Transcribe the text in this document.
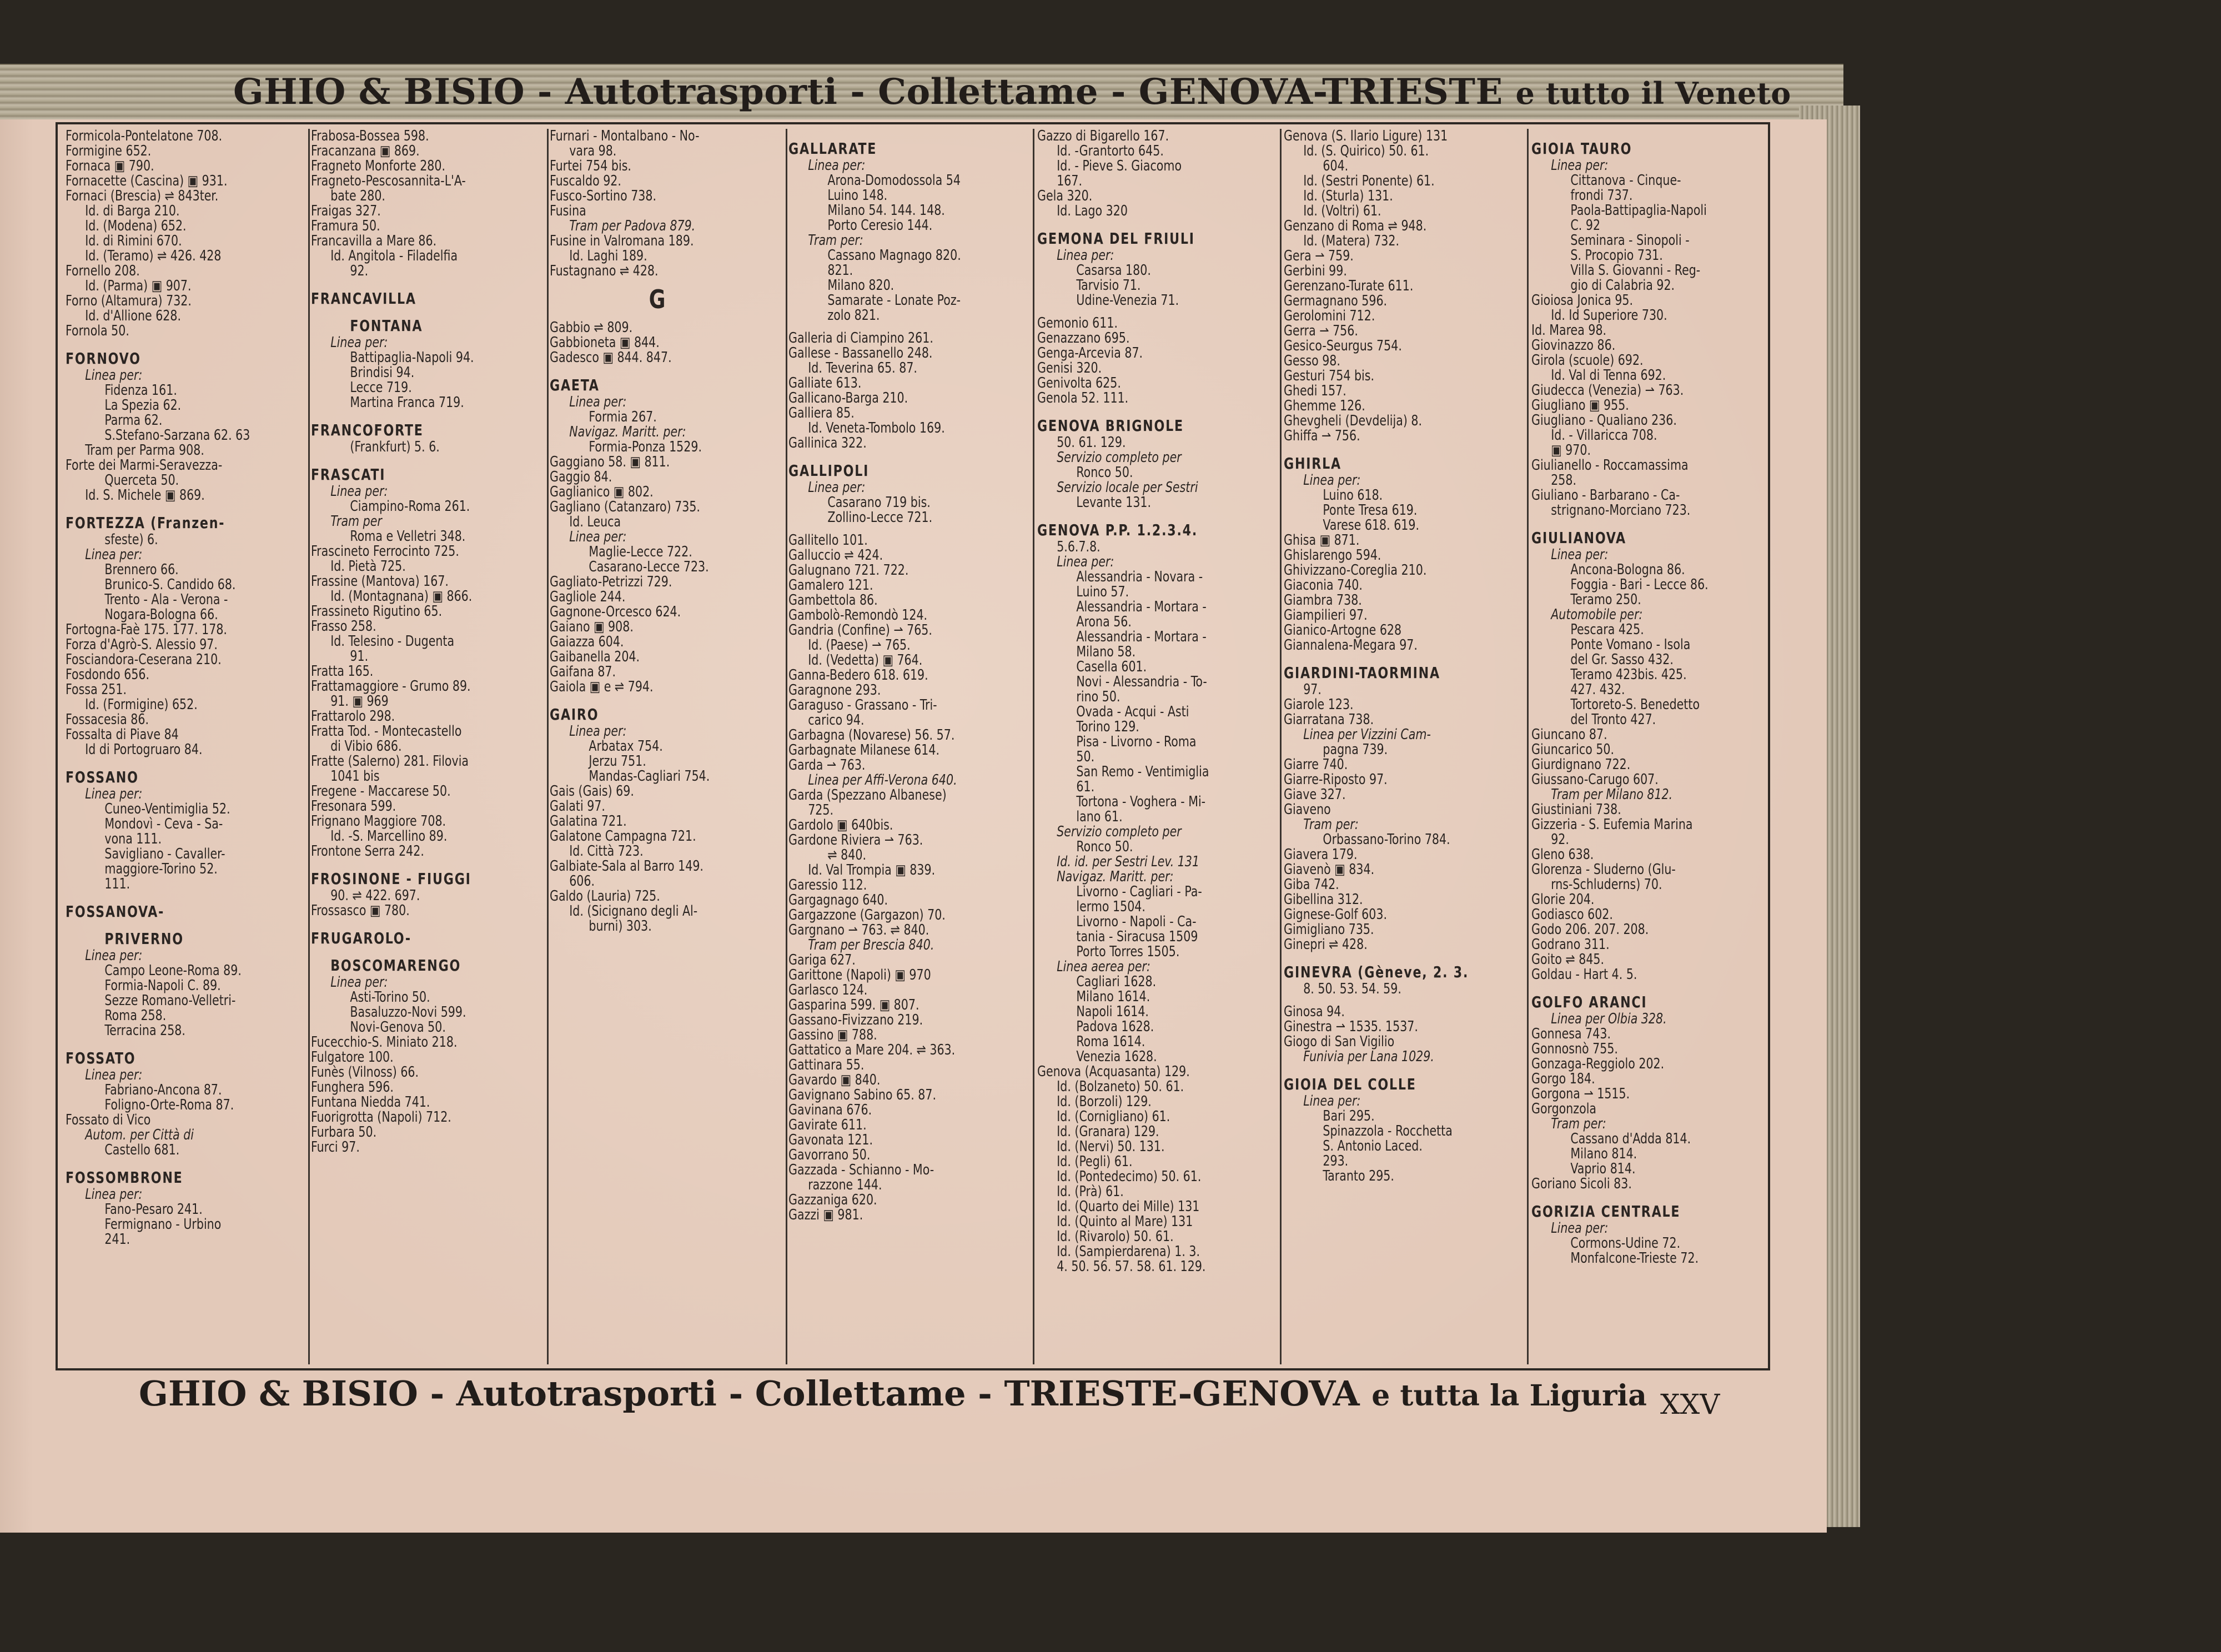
GHIO & BISIO - Autotrasporti - Collettame - GENOVA-TRIESTE e tutto il Veneto
Formicola-Pontelatone 708.
Formigine 652.
Fornaca ▣ 790.
Fornacette (Cascina) ▣ 931.
Fornaci (Brescia) ⇌ 843ter.
Id. di Barga 210.
Id. (Modena) 652.
Id. di Rimini 670.
Id. (Teramo) ⇌ 426. 428
Fornello 208.
Id. (Parma) ▣ 907.
Forno (Altamura) 732.
Id. d'Allione 628.
Fornola 50.
FORNOVO
Linea per:
Fidenza 161.
La Spezia 62.
Parma 62.
S.Stefano-Sarzana 62. 63
Tram per Parma 908.
Forte dei Marmi-Seravezza-
Querceta 50.
Id. S. Michele ▣ 869.
FORTEZZA (Franzen-
sfeste) 6.
Linea per:
Brennero 66.
Brunico-S. Candido 68.
Trento - Ala - Verona -
Nogara-Bologna 66.
Fortogna-Faè 175. 177. 178.
Forza d'Agrò-S. Alessio 97.
Fosciandora-Ceserana 210.
Fosdondo 656.
Fossa 251.
Id. (Formigine) 652.
Fossacesia 86.
Fossalta di Piave 84
Id di Portogruaro 84.
FOSSANO
Linea per:
Cuneo-Ventimiglia 52.
Mondovì - Ceva - Sa-
vona 111.
Savigliano - Cavaller-
maggiore-Torino 52.
111.
FOSSANOVA-
PRIVERNO
Linea per:
Campo Leone-Roma 89.
Formia-Napoli C. 89.
Sezze Romano-Velletri-
Roma 258.
Terracina 258.
FOSSATO
Linea per:
Fabriano-Ancona 87.
Foligno-Orte-Roma 87.
Fossato di Vico
Autom. per Città di
Castello 681.
FOSSOMBRONE
Linea per:
Fano-Pesaro 241.
Fermignano - Urbino
241.
Frabosa-Bossea 598.
Fracanzana ▣ 869.
Fragneto Monforte 280.
Fragneto-Pescosannita-L'A-
bate 280.
Fraigas 327.
Framura 50.
Francavilla a Mare 86.
Id. Angitola - Filadelfia
92.
FRANCAVILLA
FONTANA
Linea per:
Battipaglia-Napoli 94.
Brindisi 94.
Lecce 719.
Martina Franca 719.
FRANCOFORTE
(Frankfurt) 5. 6.
FRASCATI
Linea per:
Ciampino-Roma 261.
Tram per
Roma e Velletri 348.
Frascineto Ferrocinto 725.
Id. Pietà 725.
Frassine (Mantova) 167.
Id. (Montagnana) ▣ 866.
Frassineto Rigutino 65.
Frasso 258.
Id. Telesino - Dugenta
91.
Fratta 165.
Frattamaggiore - Grumo 89.
91. ▣ 969
Frattarolo 298.
Fratta Tod. - Montecastello
di Vibio 686.
Fratte (Salerno) 281. Filovia
1041 bis
Fregene - Maccarese 50.
Fresonara 599.
Frignano Maggiore 708.
Id. -S. Marcellino 89.
Frontone Serra 242.
FROSINONE - FIUGGI
90. ⇌ 422. 697.
Frossasco ▣ 780.
FRUGAROLO-
BOSCOMARENGO
Linea per:
Asti-Torino 50.
Basaluzzo-Novi 599.
Novi-Genova 50.
Fucecchio-S. Miniato 218.
Fulgatore 100.
Funès (Vilnoss) 66.
Funghera 596.
Funtana Niedda 741.
Fuorigrotta (Napoli) 712.
Furbara 50.
Furci 97.
Furnari - Montalbano - No-
vara 98.
Furtei 754 bis.
Fuscaldo 92.
Fusco-Sortino 738.
Fusina
Tram per Padova 879.
Fusine in Valromana 189.
Id. Laghi 189.
Fustagnano ⇌ 428.
G
Gabbio ⇌ 809.
Gabbioneta ▣ 844.
Gadesco ▣ 844. 847.
GAETA
Linea per:
Formia 267.
Navigaz. Maritt. per:
Formia-Ponza 1529.
Gaggiano 58. ▣ 811.
Gaggio 84.
Gaglianico ▣ 802.
Gagliano (Catanzaro) 735.
Id. Leuca
Linea per:
Maglie-Lecce 722.
Casarano-Lecce 723.
Gagliato-Petrizzi 729.
Gagliole 244.
Gagnone-Orcesco 624.
Gaiano ▣ 908.
Gaiazza 604.
Gaibanella 204.
Gaifana 87.
Gaiola ▣ e ⇌ 794.
GAIRO
Linea per:
Arbatax 754.
Jerzu 751.
Mandas-Cagliari 754.
Gais (Gais) 69.
Galati 97.
Galatina 721.
Galatone Campagna 721.
Id. Città 723.
Galbiate-Sala al Barro 149.
606.
Galdo (Lauria) 725.
Id. (Sicignano degli Al-
burni) 303.
GALLARATE
Linea per:
Arona-Domodossola 54
Luino 148.
Milano 54. 144. 148.
Porto Ceresio 144.
Tram per:
Cassano Magnago 820.
821.
Milano 820.
Samarate - Lonate Poz-
zolo 821.
Galleria di Ciampino 261.
Gallese - Bassanello 248.
Id. Teverina 65. 87.
Galliate 613.
Gallicano-Barga 210.
Galliera 85.
Id. Veneta-Tombolo 169.
Gallinica 322.
GALLIPOLI
Linea per:
Casarano 719 bis.
Zollino-Lecce 721.
Gallitello 101.
Galluccio ⇌ 424.
Galugnano 721. 722.
Gamalero 121.
Gambettola 86.
Gambolò-Remondò 124.
Gandria (Confine) ⇀ 765.
Id. (Paese) ⇀ 765.
Id. (Vedetta) ▣ 764.
Ganna-Bedero 618. 619.
Garagnone 293.
Garaguso - Grassano - Tri-
carico 94.
Garbagna (Novarese) 56. 57.
Garbagnate Milanese 614.
Garda ⇀ 763.
Linea per Affi-Verona 640.
Garda (Spezzano Albanese)
725.
Gardolo ▣ 640bis.
Gardone Riviera ⇀ 763.
⇌ 840.
Id. Val Trompia ▣ 839.
Garessio 112.
Gargagnago 640.
Gargazzone (Gargazon) 70.
Gargnano ⇀ 763. ⇌ 840.
Tram per Brescia 840.
Gariga 627.
Garittone (Napoli) ▣ 970
Garlasco 124.
Gasparina 599. ▣ 807.
Gassano-Fivizzano 219.
Gassino ▣ 788.
Gattatico a Mare 204. ⇌ 363.
Gattinara 55.
Gavardo ▣ 840.
Gavignano Sabino 65. 87.
Gavinana 676.
Gavirate 611.
Gavonata 121.
Gavorrano 50.
Gazzada - Schianno - Mo-
razzone 144.
Gazzaniga 620.
Gazzi ▣ 981.
Gazzo di Bigarello 167.
Id. -Grantorto 645.
Id. - Pieve S. Giacomo
167.
Gela 320.
Id. Lago 320
GEMONA DEL FRIULI
Linea per:
Casarsa 180.
Tarvisio 71.
Udine-Venezia 71.
Gemonio 611.
Genazzano 695.
Genga-Arcevia 87.
Genisi 320.
Genivolta 625.
Genola 52. 111.
GENOVA BRIGNOLE
50. 61. 129.
Servizio completo per
Ronco 50.
Servizio locale per Sestri
Levante 131.
GENOVA P.P. 1.2.3.4.
5.6.7.8.
Linea per:
Alessandria - Novara -
Luino 57.
Alessandria - Mortara -
Arona 56.
Alessandria - Mortara -
Milano 58.
Casella 601.
Novi - Alessandria - To-
rino 50.
Ovada - Acqui - Asti
Torino 129.
Pisa - Livorno - Roma
50.
San Remo - Ventimiglia
61.
Tortona - Voghera - Mi-
lano 61.
Servizio completo per
Ronco 50.
Id. id. per Sestri Lev. 131
Navigaz. Maritt. per:
Livorno - Cagliari - Pa-
lermo 1504.
Livorno - Napoli - Ca-
tania - Siracusa 1509
Porto Torres 1505.
Linea aerea per:
Cagliari 1628.
Milano 1614.
Napoli 1614.
Padova 1628.
Roma 1614.
Venezia 1628.
Genova (Acquasanta) 129.
Id. (Bolzaneto) 50. 61.
Id. (Borzoli) 129.
Id. (Cornigliano) 61.
Id. (Granara) 129.
Id. (Nervi) 50. 131.
Id. (Pegli) 61.
Id. (Pontedecimo) 50. 61.
Id. (Prà) 61.
Id. (Quarto dei Mille) 131
Id. (Quinto al Mare) 131
Id. (Rivarolo) 50. 61.
Id. (Sampierdarena) 1. 3.
4. 50. 56. 57. 58. 61. 129.
Genova (S. Ilario Ligure) 131
Id. (S. Quirico) 50. 61.
604.
Id. (Sestri Ponente) 61.
Id. (Sturla) 131.
Id. (Voltri) 61.
Genzano di Roma ⇌ 948.
Id. (Matera) 732.
Gera ⇀ 759.
Gerbini 99.
Gerenzano-Turate 611.
Germagnano 596.
Gerolomini 712.
Gerra ⇀ 756.
Gesico-Seurgus 754.
Gesso 98.
Gesturi 754 bis.
Ghedi 157.
Ghemme 126.
Ghevgheli (Devdelija) 8.
Ghiffa ⇀ 756.
GHIRLA
Linea per:
Luino 618.
Ponte Tresa 619.
Varese 618. 619.
Ghisa ▣ 871.
Ghislarengo 594.
Ghivizzano-Coreglia 210.
Giaconia 740.
Giambra 738.
Giampilieri 97.
Gianico-Artogne 628
Giannalena-Megara 97.
GIARDINI-TAORMINA
97.
Giarole 123.
Giarratana 738.
Linea per Vizzini Cam-
pagna 739.
Giarre 740.
Giarre-Riposto 97.
Giave 327.
Giaveno
Tram per:
Orbassano-Torino 784.
Giavera 179.
Giavenò ▣ 834.
Giba 742.
Gibellina 312.
Gignese-Golf 603.
Gimigliano 735.
Ginepri ⇌ 428.
GINEVRA (Gèneve, 2. 3.
8. 50. 53. 54. 59.
Ginosa 94.
Ginestra ⇀ 1535. 1537.
Giogo di San Vigilio
Funivia per Lana 1029.
GIOIA DEL COLLE
Linea per:
Bari 295.
Spinazzola - Rocchetta
S. Antonio Laced.
293.
Taranto 295.
GIOIA TAURO
Linea per:
Cittanova - Cinque-
frondi 737.
Paola-Battipaglia-Napoli
C. 92
Seminara - Sinopoli -
S. Procopio 731.
Villa S. Giovanni - Reg-
gio di Calabria 92.
Gioiosa Jonica 95.
Id. Id Superiore 730.
Id. Marea 98.
Giovinazzo 86.
Girola (scuole) 692.
Id. Val di Tenna 692.
Giudecca (Venezia) ⇀ 763.
Giugliano ▣ 955.
Giugliano - Qualiano 236.
Id. - Villaricca 708.
▣ 970.
Giulianello - Roccamassima
258.
Giuliano - Barbarano - Ca-
strignano-Morciano 723.
GIULIANOVA
Linea per:
Ancona-Bologna 86.
Foggia - Bari - Lecce 86.
Teramo 250.
Automobile per:
Pescara 425.
Ponte Vomano - Isola
del Gr. Sasso 432.
Teramo 423bis. 425.
427. 432.
Tortoreto-S. Benedetto
del Tronto 427.
Giuncano 87.
Giuncarico 50.
Giurdignano 722.
Giussano-Carugo 607.
Tram per Milano 812.
Giustiniani 738.
Gizzeria - S. Eufemia Marina
92.
Gleno 638.
Glorenza - Sluderno (Glu-
rns-Schluderns) 70.
Glorie 204.
Godiasco 602.
Godo 206. 207. 208.
Godrano 311.
Goito ⇌ 845.
Goldau - Hart 4. 5.
GOLFO ARANCI
Linea per Olbia 328.
Gonnesa 743.
Gonnosnò 755.
Gonzaga-Reggiolo 202.
Gorgo 184.
Gorgona ⇀ 1515.
Gorgonzola
Tram per:
Cassano d'Adda 814.
Milano 814.
Vaprio 814.
Goriano Sicoli 83.
GORIZIA CENTRALE
Linea per:
Cormons-Udine 72.
Monfalcone-Trieste 72.
GHIO & BISIO - Autotrasporti - Collettame - TRIESTE-GENOVA e tutta la Liguria XXV
